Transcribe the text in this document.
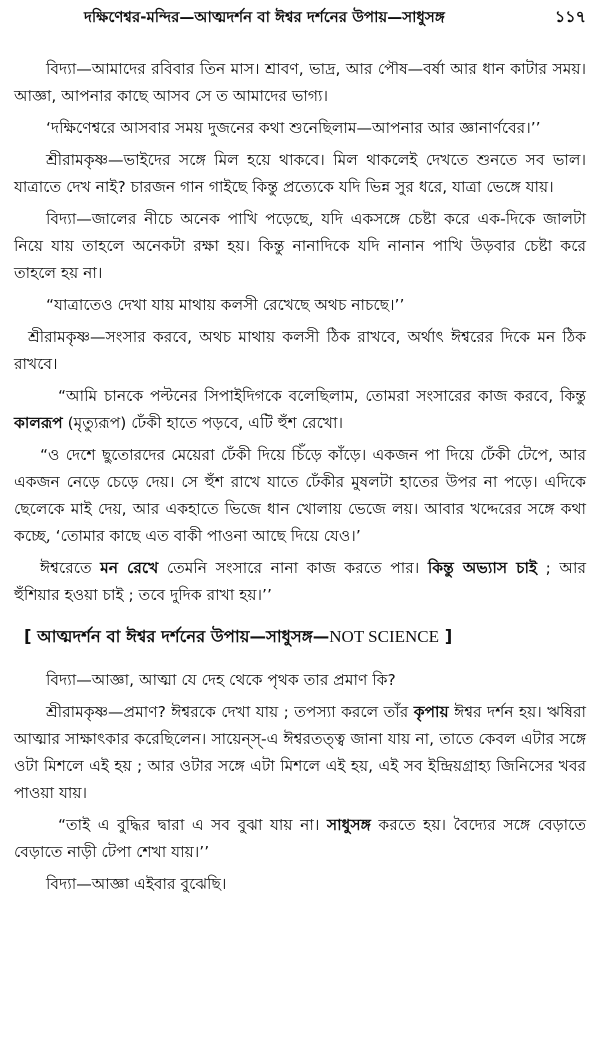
দক্ষিণেশ্বর-মন্দির—আত্মদর্শন বা ঈশ্বর দর্শনের উপায়—সাধুসঙ্গ	১১৭

বিদ্যা—আমাদের রবিবার তিন মাস। শ্রাবণ, ভাদ্র, আর পৌষ—বর্ষা আর ধান কাটার সময়। আজ্ঞা, আপনার কাছে আসব সে ত আমাদের ভাগ্য।

‘দক্ষিণেশ্বরে আসবার সময় দুজনের কথা শুনেছিলাম—আপনার আর জ্ঞানার্ণবের।’’

শ্রীরামকৃষ্ণ—ভাইদের সঙ্গে মিল হয়ে থাকবে। মিল থাকলেই দেখতে শুনতে সব ভাল। যাত্রাতে দেখ নাই? চারজন গান গাইছে কিন্তু প্রত্যেকে যদি ভিন্ন সুর ধরে, যাত্রা ভেঙ্গে যায়।

বিদ্যা—জালের নীচে অনেক পাখি পড়েছে, যদি একসঙ্গে চেষ্টা করে এক-দিকে জালটা নিয়ে যায় তাহলে অনেকটা রক্ষা হয়। কিন্তু নানাদিকে যদি নানান পাখি উড়বার চেষ্টা করে তাহলে হয় না।

“যাত্রাতেও দেখা যায় মাথায় কলসী রেখেছে অথচ নাচছে।’’

শ্রীরামকৃষ্ণ—সংসার করবে, অথচ মাথায় কলসী ঠিক রাখবে, অর্থাৎ ঈশ্বরের দিকে মন ঠিক রাখবে।

“আমি চানকে পল্টনের সিপাইদিগকে বলেছিলাম, তোমরা সংসারের কাজ করবে, কিন্তু কালরূপ (মৃত্যুরূপ) ঢেঁকী হাতে পড়বে, এটি হুঁশ রেখো।

“ও দেশে ছুতোরদের মেয়েরা ঢেঁকী দিয়ে চিঁড়ে কাঁড়ে। একজন পা দিয়ে ঢেঁকী টেপে, আর একজন নেড়ে চেড়ে দেয়। সে হুঁশ রাখে যাতে ঢেঁকীর মুষলটা হাতের উপর না পড়ে। এদিকে ছেলেকে মাই দেয়, আর একহাতে ভিজে ধান খোলায় ভেজে লয়। আবার খদ্দেরের সঙ্গে কথা কচ্ছে, ‘তোমার কাছে এত বাকী পাওনা আছে দিয়ে যেও।’

ঈশ্বরেতে মন রেখে তেমনি সংসারে নানা কাজ করতে পার। কিন্তু অভ্যাস চাই ; আর হুঁশিয়ার হওয়া চাই ; তবে দুদিক রাখা হয়।’’

[ আত্মদর্শন বা ঈশ্বর দর্শনের উপায়—সাধুসঙ্গ—NOT SCIENCE ]

বিদ্যা—আজ্ঞা, আত্মা যে দেহ থেকে পৃথক তার প্রমাণ কি?

শ্রীরামকৃষ্ণ—প্রমাণ? ঈশ্বরকে দেখা যায় ; তপস্যা করলে তাঁর কৃপায় ঈশ্বর দর্শন হয়। ঋষিরা আত্মার সাক্ষাৎকার করেছিলেন। সায়েন্স্-এ ঈশ্বরতত্ত্ব জানা যায় না, তাতে কেবল এটার সঙ্গে ওটা মিশলে এই হয় ; আর ওটার সঙ্গে এটা মিশলে এই হয়, এই সব ইন্দ্রিয়গ্রাহ্য জিনিসের খবর পাওয়া যায়।

“তাই এ বুদ্ধির দ্বারা এ সব বুঝা যায় না। সাধুসঙ্গ করতে হয়। বৈদ্যের সঙ্গে বেড়াতে বেড়াতে নাড়ী টেপা শেখা যায়।’’

বিদ্যা—আজ্ঞা এইবার বুঝেছি।
